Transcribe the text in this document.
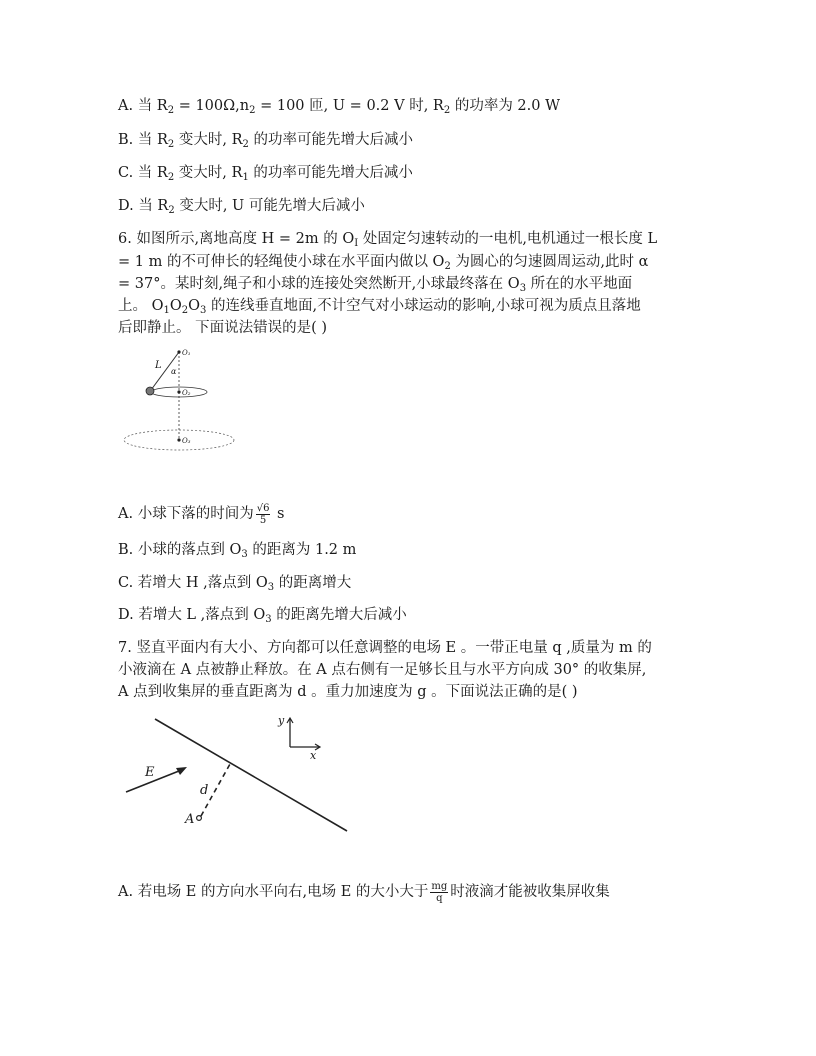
A. 当 $R_2 = 100\Omega,n_2 = 100$ 匝, U = 0.2 V 时, $R_2$ 的功率为 2.0 W
B. 当 $R_2$ 变大时, $R_2$ 的功率可能先增大后减小
C. 当 $R_2$ 变大时, $R_1$ 的功率可能先增大后减小
D. 当 $R_2$ 变大时, U 可能先增大后减小
6. 如图所示,离地高度 H = 2m 的 $O_I$ 处固定匀速转动的一电机,电机通过一根长度 L
= 1 m 的不可伸长的轻绳使小球在水平面内做以 $O_2$ 为圆心的匀速圆周运动,此时 α
= 37°。某时刻,绳子和小球的连接处突然断开,小球最终落在 $O_3$ 所在的水平地面
上。 $O_1O_2O_3$ 的连线垂直地面,不计空气对小球运动的影响,小球可视为质点且落地
后即静止。 下面说法错误的是( )
L
α
O₁
O₂
O₃
A. 小球下落的时间为 $\frac{√6}{5}$ s
B. 小球的落点到 $O_3$ 的距离为 1.2 m
C. 若增大 H ,落点到 $O_3$ 的距离增大
D. 若增大 L ,落点到 $O_3$ 的距离先增大后减小
7. 竖直平面内有大小、方向都可以任意调整的电场 E 。一带正电量 q ,质量为 m 的
小液滴在 A 点被静止释放。在 A 点右侧有一足够长且与水平方向成 30° 的收集屏,
A 点到收集屏的垂直距离为 d 。重力加速度为 g 。下面说法正确的是( )
E
d
A
y
x
A. 若电场 E 的方向水平向右,电场 E 的大小大于 $\frac{mg}{q}$ 时液滴才能被收集屏收集
